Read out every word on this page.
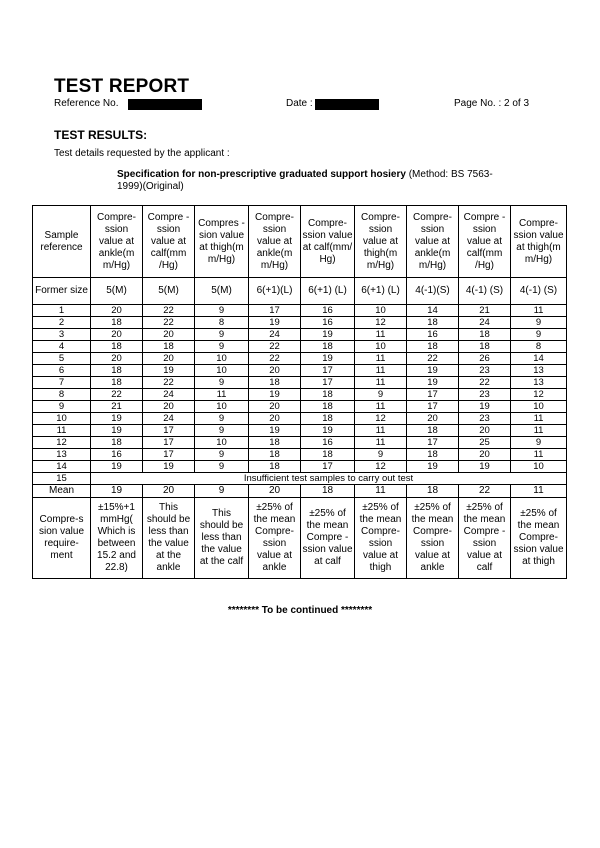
TEST REPORT
Reference No.	Date :	Page No. : 2 of 3
TEST RESULTS:
Test details requested by the applicant :
Specification for non-prescriptive graduated support hosiery (Method: BS 7563-1999)(Original)
Sample reference	Compre-ssion value at ankle(m m/Hg)	Compre -ssion value at calf(mm /Hg)	Compres -sion value at thigh(m m/Hg)	Compre-ssion value at ankle(m m/Hg)	Compre-ssion value at calf(mm/ Hg)	Compre-ssion value at thigh(m m/Hg)	Compre-ssion value at ankle(m m/Hg)	Compre -ssion value at calf(mm /Hg)	Compre-ssion value at thigh(m m/Hg)
Former size	5(M)	5(M)	5(M)	6(+1)(L)	6(+1) (L)	6(+1) (L)	4(-1)(S)	4(-1) (S)	4(-1) (S)
1	20	22	9	17	16	10	14	21	11
2	18	22	8	19	16	12	18	24	9
3	20	20	9	24	19	11	16	18	9
4	18	18	9	22	18	10	18	18	8
5	20	20	10	22	19	11	22	26	14
6	18	19	10	20	17	11	19	23	13
7	18	22	9	18	17	11	19	22	13
8	22	24	11	19	18	9	17	23	12
9	21	20	10	20	18	11	17	19	10
10	19	24	9	20	18	12	20	23	11
11	19	17	9	19	19	11	18	20	11
12	18	17	10	18	16	11	17	25	9
13	16	17	9	18	18	9	18	20	11
14	19	19	9	18	17	12	19	19	10
15	Insufficient test samples to carry out test								
Mean	19	20	9	20	18	11	18	22	11
Compre-s sion value require-ment	±15%+1 mmHg( Which is between 15.2 and 22.8)	This should be less than the value at the ankle	This should be less than the value at the calf	±25% of the mean Compre-ssion value at ankle	±25% of the mean Compre -ssion value at calf	±25% of the mean Compre-ssion value at thigh	±25% of the mean Compre-ssion value at ankle	±25% of the mean Compre -ssion value at calf	±25% of the mean Compre-ssion value at thigh
******** To be continued ********
